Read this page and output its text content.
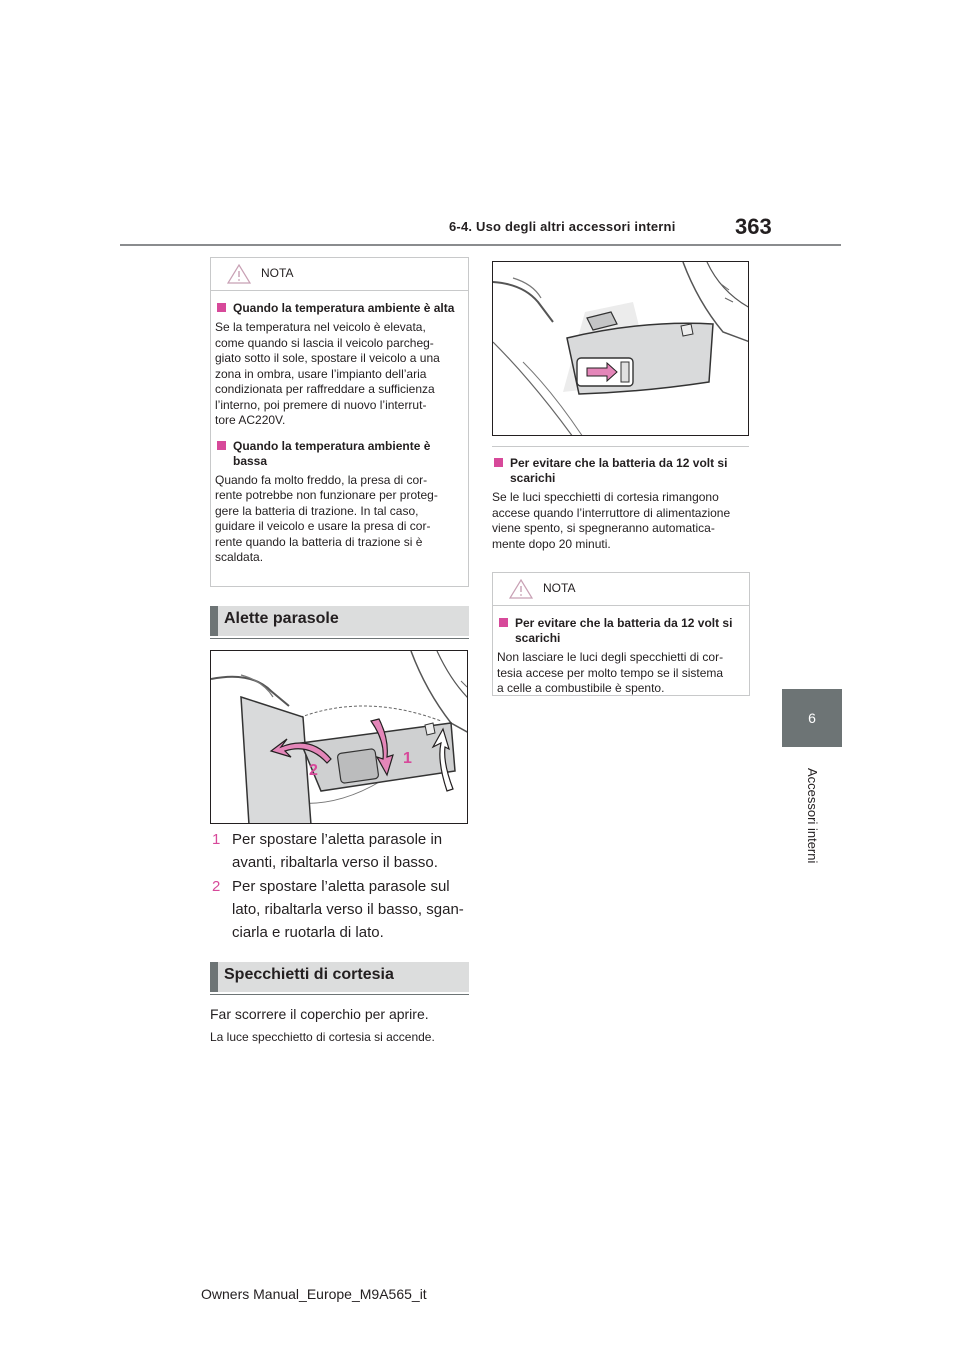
6-4. Uso degli altri accessori interni	363
6
Accessori interni
NOTA
Quando la temperatura ambiente è alta
Se la temperatura nel veicolo è elevata,
come quando si lascia il veicolo parcheg-
giato sotto il sole, spostare il veicolo a una
zona in ombra, usare l’impianto dell’aria
condizionata per raffreddare a sufficienza
l’interno, poi premere di nuovo l’interrut-
tore AC220V.
Quando la temperatura ambiente è bassa
Quando fa molto freddo, la presa di cor-
rente potrebbe non funzionare per proteg-
gere la batteria di trazione. In tal caso,
guidare il veicolo e usare la presa di cor-
rente quando la batteria di trazione si è
scaldata.
Alette parasole
2
1
1 Per spostare l’aletta parasole in
avanti, ribaltarla verso il basso.
2 Per spostare l’aletta parasole sul
lato, ribaltarla verso il basso, sgan-
ciarla e ruotarla di lato.
Specchietti di cortesia
Far scorrere il coperchio per aprire.
La luce specchietto di cortesia si accende.
Per evitare che la batteria da 12 volt si scarichi
Se le luci specchietti di cortesia rimangono
accese quando l’interruttore di alimentazione
viene spento, si spegneranno automatica-
mente dopo 20 minuti.
NOTA
Per evitare che la batteria da 12 volt si scarichi
Non lasciare le luci degli specchietti di cor-
tesia accese per molto tempo se il sistema
a celle a combustibile è spento.
Owners Manual_Europe_M9A565_it
